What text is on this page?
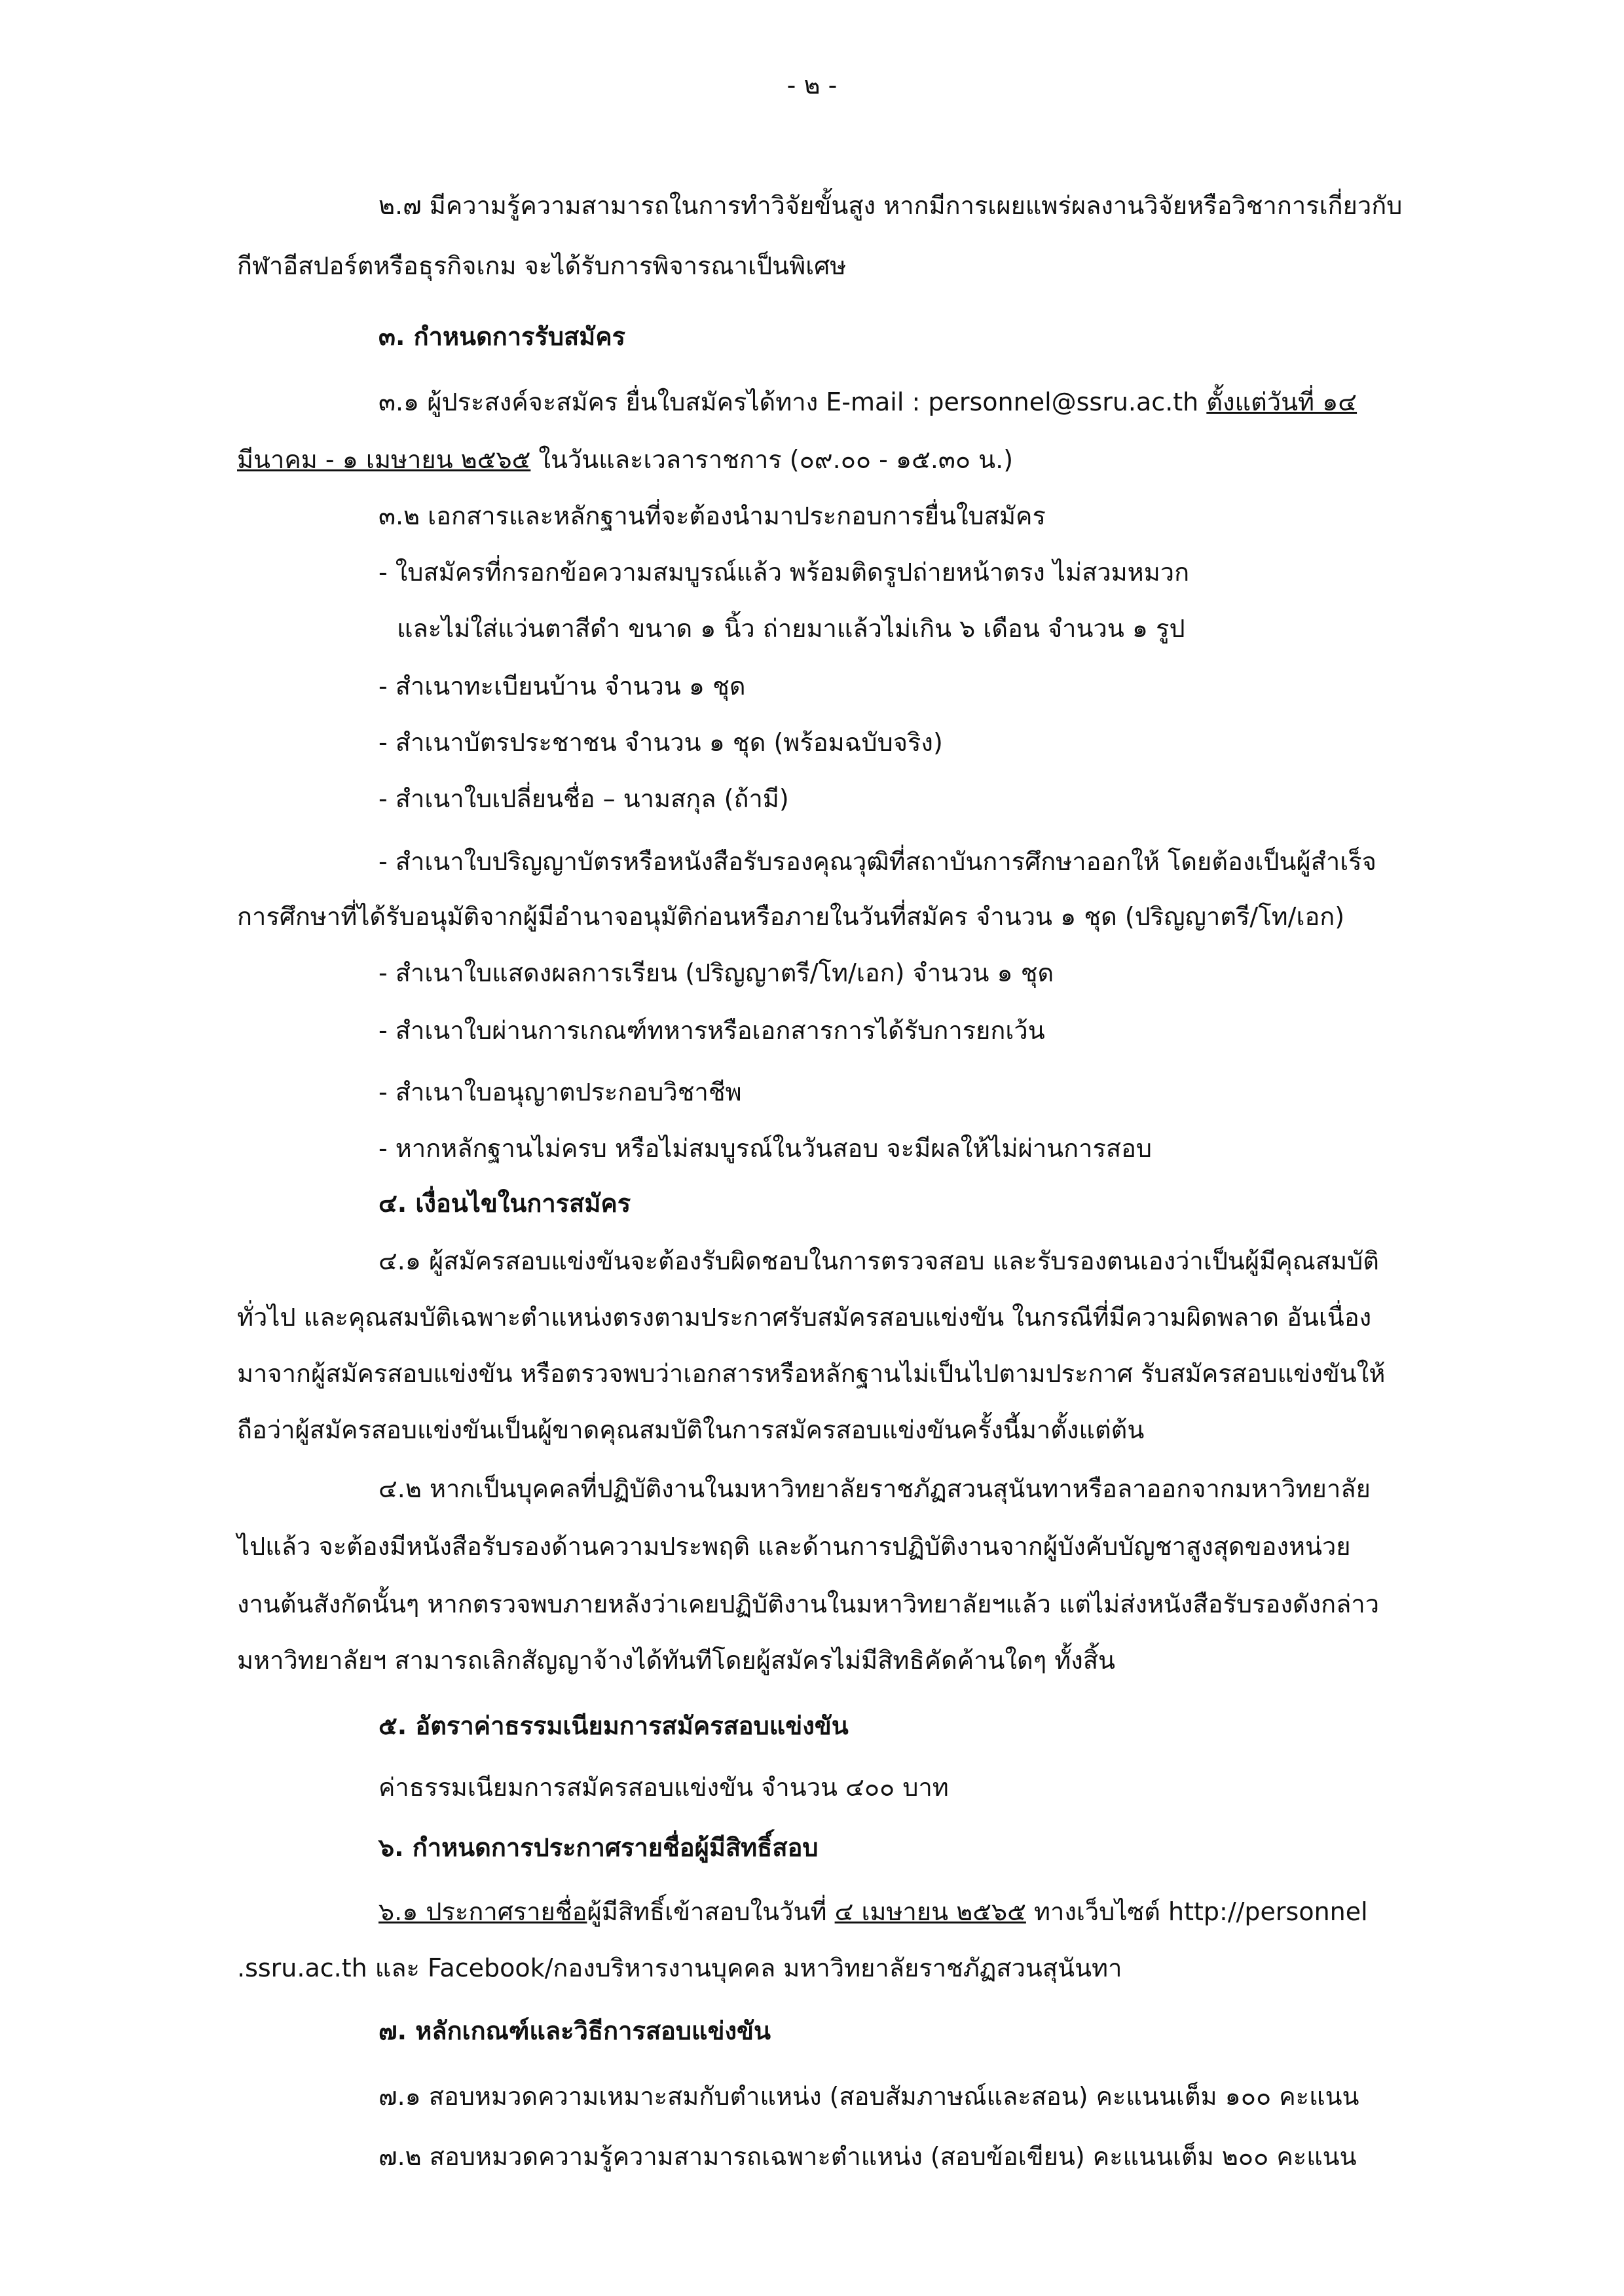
- ๒ -
๒.๗ มีความรู้ความสามารถในการทำวิจัยขั้นสูง หากมีการเผยแพร่ผลงานวิจัยหรือวิชาการเกี่ยวกับ
กีฬาอีสปอร์ตหรือธุรกิจเกม จะได้รับการพิจารณาเป็นพิเศษ
๓. กำหนดการรับสมัคร
๓.๑ ผู้ประสงค์จะสมัคร ยื่นใบสมัครได้ทาง E-mail : personnel@ssru.ac.th ตั้งแต่วันที่ ๑๔
มีนาคม - ๑ เมษายน ๒๕๖๕ ในวันและเวลาราชการ (๐๙.๐๐ - ๑๕.๓๐ น.)
๓.๒ เอกสารและหลักฐานที่จะต้องนำมาประกอบการยื่นใบสมัคร
- ใบสมัครที่กรอกข้อความสมบูรณ์แล้ว พร้อมติดรูปถ่ายหน้าตรง ไม่สวมหมวก
และไม่ใส่แว่นตาสีดำ ขนาด ๑ นิ้ว ถ่ายมาแล้วไม่เกิน ๖ เดือน จำนวน ๑ รูป
- สำเนาทะเบียนบ้าน จำนวน ๑ ชุด
- สำเนาบัตรประชาชน จำนวน ๑ ชุด (พร้อมฉบับจริง)
- สำเนาใบเปลี่ยนชื่อ – นามสกุล (ถ้ามี)
- สำเนาใบปริญญาบัตรหรือหนังสือรับรองคุณวุฒิที่สถาบันการศึกษาออกให้ โดยต้องเป็นผู้สำเร็จ
การศึกษาที่ได้รับอนุมัติจากผู้มีอำนาจอนุมัติก่อนหรือภายในวันที่สมัคร จำนวน ๑ ชุด (ปริญญาตรี/โท/เอก)
- สำเนาใบแสดงผลการเรียน (ปริญญาตรี/โท/เอก) จำนวน ๑ ชุด
- สำเนาใบผ่านการเกณฑ์ทหารหรือเอกสารการได้รับการยกเว้น
- สำเนาใบอนุญาตประกอบวิชาชีพ
- หากหลักฐานไม่ครบ หรือไม่สมบูรณ์ในวันสอบ จะมีผลให้ไม่ผ่านการสอบ
๔. เงื่อนไขในการสมัคร
๔.๑ ผู้สมัครสอบแข่งขันจะต้องรับผิดชอบในการตรวจสอบ และรับรองตนเองว่าเป็นผู้มีคุณสมบัติ
ทั่วไป และคุณสมบัติเฉพาะตำแหน่งตรงตามประกาศรับสมัครสอบแข่งขัน ในกรณีที่มีความผิดพลาด อันเนื่อง
มาจากผู้สมัครสอบแข่งขัน หรือตรวจพบว่าเอกสารหรือหลักฐานไม่เป็นไปตามประกาศ รับสมัครสอบแข่งขันให้
ถือว่าผู้สมัครสอบแข่งขันเป็นผู้ขาดคุณสมบัติในการสมัครสอบแข่งขันครั้งนี้มาตั้งแต่ต้น
๔.๒ หากเป็นบุคคลที่ปฏิบัติงานในมหาวิทยาลัยราชภัฏสวนสุนันทาหรือลาออกจากมหาวิทยาลัย
ไปแล้ว จะต้องมีหนังสือรับรองด้านความประพฤติ และด้านการปฏิบัติงานจากผู้บังคับบัญชาสูงสุดของหน่วย
งานต้นสังกัดนั้นๆ หากตรวจพบภายหลังว่าเคยปฏิบัติงานในมหาวิทยาลัยฯแล้ว แต่ไม่ส่งหนังสือรับรองดังกล่าว
มหาวิทยาลัยฯ สามารถเลิกสัญญาจ้างได้ทันทีโดยผู้สมัครไม่มีสิทธิคัดค้านใดๆ ทั้งสิ้น
๕. อัตราค่าธรรมเนียมการสมัครสอบแข่งขัน
ค่าธรรมเนียมการสมัครสอบแข่งขัน จำนวน ๔๐๐ บาท
๖. กำหนดการประกาศรายชื่อผู้มีสิทธิ์สอบ
๖.๑ ประกาศรายชื่อผู้มีสิทธิ์เข้าสอบในวันที่ ๔ เมษายน ๒๕๖๕ ทางเว็บไซต์ http://personnel
.ssru.ac.th และ Facebook/กองบริหารงานบุคคล มหาวิทยาลัยราชภัฏสวนสุนันทา
๗. หลักเกณฑ์และวิธีการสอบแข่งขัน
๗.๑ สอบหมวดความเหมาะสมกับตำแหน่ง (สอบสัมภาษณ์และสอน) คะแนนเต็ม ๑๐๐ คะแนน
๗.๒ สอบหมวดความรู้ความสามารถเฉพาะตำแหน่ง (สอบข้อเขียน) คะแนนเต็ม ๒๐๐ คะแนน
